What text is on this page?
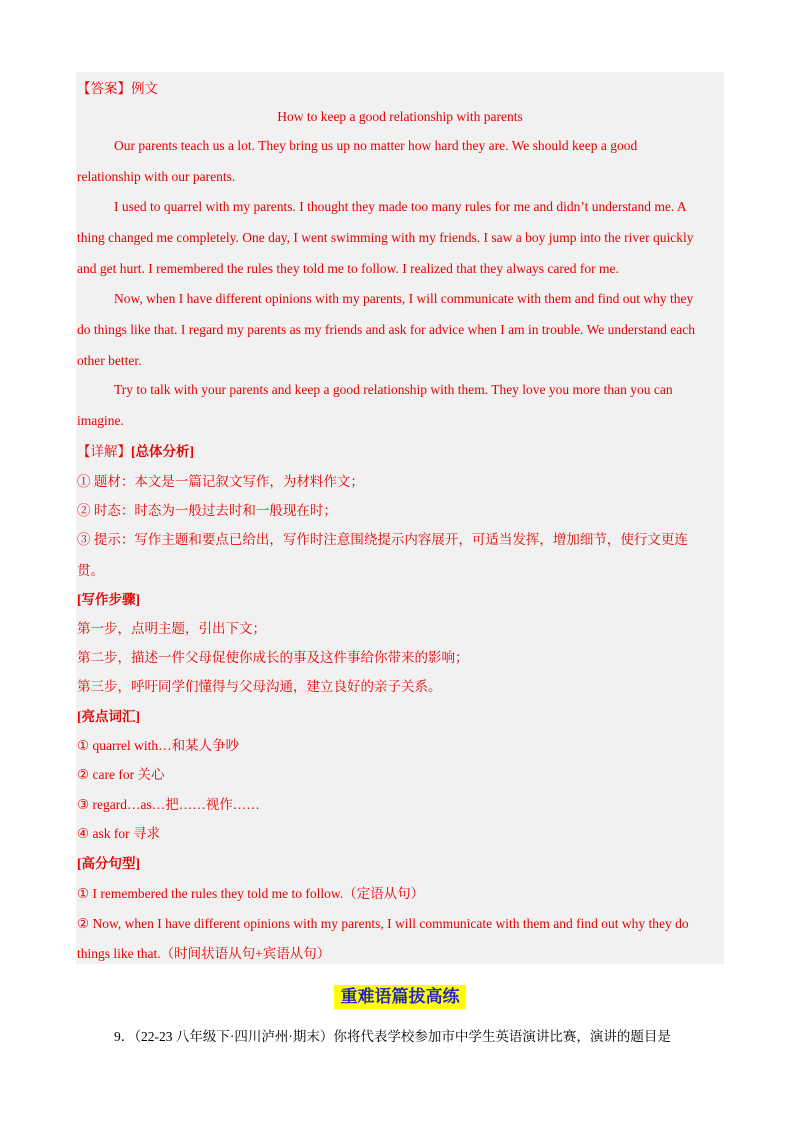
【答案】例文
How to keep a good relationship with parents
Our parents teach us a lot. They bring us up no matter how hard they are. We should keep a good
relationship with our parents.
I used to quarrel with my parents. I thought they made too many rules for me and didn’t understand me. A
thing changed me completely. One day, I went swimming with my friends. I saw a boy jump into the river quickly
and get hurt. I remembered the rules they told me to follow. I realized that they always cared for me.
Now, when I have different opinions with my parents, I will communicate with them and find out why they
do things like that. I regard my parents as my friends and ask for advice when I am in trouble. We understand each
other better.
Try to talk with your parents and keep a good relationship with them. They love you more than you can
imagine.
【详解】[总体分析]
① 题材：本文是一篇记叙文写作，为材料作文；
② 时态：时态为一般过去时和一般现在时；
③ 提示：写作主题和要点已给出，写作时注意围绕提示内容展开，可适当发挥，增加细节，使行文更连
贯。
[写作步骤]
第一步，点明主题，引出下文；
第二步，描述一件父母促使你成长的事及这件事给你带来的影响；
第三步，呼吁同学们懂得与父母沟通，建立良好的亲子关系。
[亮点词汇]
① quarrel with…和某人争吵
② care for 关心
③ regard…as…把……视作……
④ ask for 寻求
[高分句型]
① I remembered the rules they told me to follow.（定语从句）
② Now, when I have different opinions with my parents, I will communicate with them and find out why they do
things like that.（时间状语从句+宾语从句）
重难语篇拔高练
9．（22-23 八年级下·四川泸州·期末）你将代表学校参加市中学生英语演讲比赛，演讲的题目是
